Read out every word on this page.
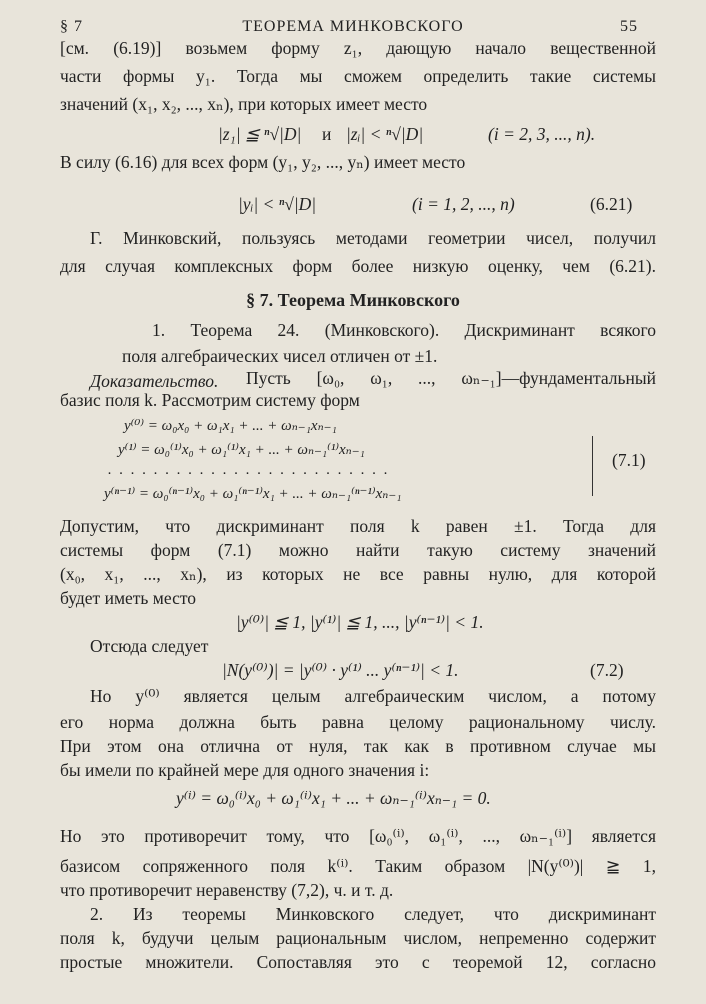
§ 7	ТЕОРЕМА МИНКОВСКОГО	55
[см. (6.19)] возьмем форму z₁, дающую начало вещественной
части формы y₁. Тогда мы сможем определить такие системы
значений (x₁, x₂, ..., xₙ), при которых имеет место
|z₁| ≦ ⁿ√|D| и |zᵢ| < ⁿ√|D|	(i = 2, 3, ..., n).
В силу (6.16) для всех форм (y₁, y₂, ..., yₙ) имеет место
|yᵢ| < ⁿ√|D|	(i = 1, 2, ..., n)	(6.21)
Г. Минковский, пользуясь методами геометрии чисел, получил
для случая комплексных форм более низкую оценку, чем (6.21).
§ 7. Теорема Минковского
1. Теорема 24. (Минковского). Дискриминант всякого
поля алгебраических чисел отличен от ±1.
Доказательство. Пусть [ω₀, ω₁, ..., ωₙ₋₁]—фундаментальный
базис поля k. Рассмотрим систему форм
y⁽⁰⁾ = ω₀x₀ + ω₁x₁ + ... + ωₙ₋₁xₙ₋₁
y⁽¹⁾ = ω₀⁽¹⁾x₀ + ω₁⁽¹⁾x₁ + ... + ωₙ₋₁⁽¹⁾xₙ₋₁
. . . . . . . . . . . . . . . . . . . . . . . . .
y⁽ⁿ⁻¹⁾ = ω₀⁽ⁿ⁻¹⁾x₀ + ω₁⁽ⁿ⁻¹⁾x₁ + ... + ωₙ₋₁⁽ⁿ⁻¹⁾xₙ₋₁
(7.1)
Допустим, что дискриминант поля k равен ±1. Тогда для
системы форм (7.1) можно найти такую систему значений
(x₀, x₁, ..., xₙ), из которых не все равны нулю, для которой
будет иметь место
|y⁽⁰⁾| ≦ 1, |y⁽¹⁾| ≦ 1, ..., |y⁽ⁿ⁻¹⁾| < 1.
Отсюда следует
|N(y⁽⁰⁾)| = |y⁽⁰⁾ · y⁽¹⁾ ... y⁽ⁿ⁻¹⁾| < 1.	(7.2)
Но y⁽⁰⁾ является целым алгебраическим числом, а потому
его норма должна быть равна целому рациональному числу.
При этом она отлична от нуля, так как в противном случае мы
бы имели по крайней мере для одного значения i:
y⁽ⁱ⁾ = ω₀⁽ⁱ⁾x₀ + ω₁⁽ⁱ⁾x₁ + ... + ωₙ₋₁⁽ⁱ⁾xₙ₋₁ = 0.
Но это противоречит тому, что [ω₀⁽ⁱ⁾, ω₁⁽ⁱ⁾, ..., ωₙ₋₁⁽ⁱ⁾] является
базисом сопряженного поля k⁽ⁱ⁾. Таким образом |N(y⁽⁰⁾)| ≧ 1,
что противоречит неравенству (7,2), ч. и т. д.
2. Из теоремы Минковского следует, что дискриминант
поля k, будучи целым рациональным числом, непременно содержит
простые множители. Сопоставляя это с теоремой 12, согласно
